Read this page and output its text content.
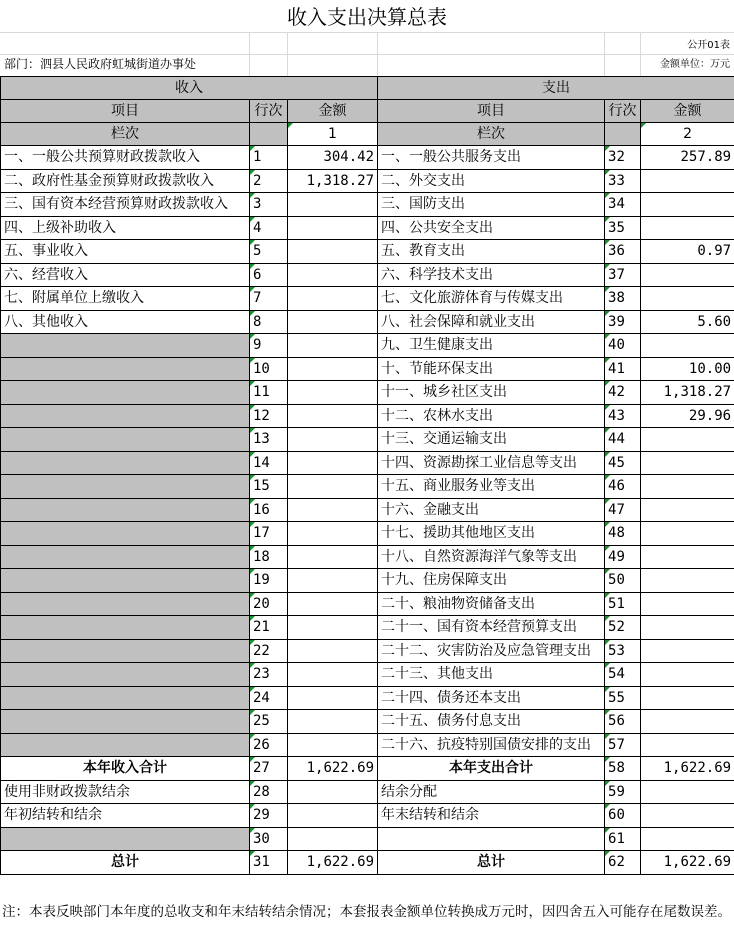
收入支出决算总表
公开01表
金额单位：万元
部门：泗县人民政府虹城街道办事处
收入			支出		
项目	行次	金额	项目	行次	金额
栏次		1	栏次		2
一、一般公共预算财政拨款收入	1	304.42	一、一般公共服务支出	32	257.89
二、政府性基金预算财政拨款收入	2	1,318.27	二、外交支出	33	
三、国有资本经营预算财政拨款收入	3		三、国防支出	34	
四、上级补助收入	4		四、公共安全支出	35	
五、事业收入	5		五、教育支出	36	0.97
六、经营收入	6		六、科学技术支出	37	
七、附属单位上缴收入	7		七、文化旅游体育与传媒支出	38	
八、其他收入	8		八、社会保障和就业支出	39	5.60
	9		九、卫生健康支出	40	
	10		十、节能环保支出	41	10.00
	11		十一、城乡社区支出	42	1,318.27
	12		十二、农林水支出	43	29.96
	13		十三、交通运输支出	44	
	14		十四、资源勘探工业信息等支出	45	
	15		十五、商业服务业等支出	46	
	16		十六、金融支出	47	
	17		十七、援助其他地区支出	48	
	18		十八、自然资源海洋气象等支出	49	
	19		十九、住房保障支出	50	
	20		二十、粮油物资储备支出	51	
	21		二十一、国有资本经营预算支出	52	
	22		二十二、灾害防治及应急管理支出	53	
	23		二十三、其他支出	54	
	24		二十四、债务还本支出	55	
	25		二十五、债务付息支出	56	
	26		二十六、抗疫特别国债安排的支出	57	
本年收入合计	27	1,622.69	本年支出合计	58	1,622.69
使用非财政拨款结余	28		结余分配	59	
年初结转和结余	29		年末结转和结余	60	
	30			61	
总计	31	1,622.69	总计	62	1,622.69
注：本表反映部门本年度的总收支和年末结转结余情况；本套报表金额单位转换成万元时，因四舍五入可能存在尾数误差。
